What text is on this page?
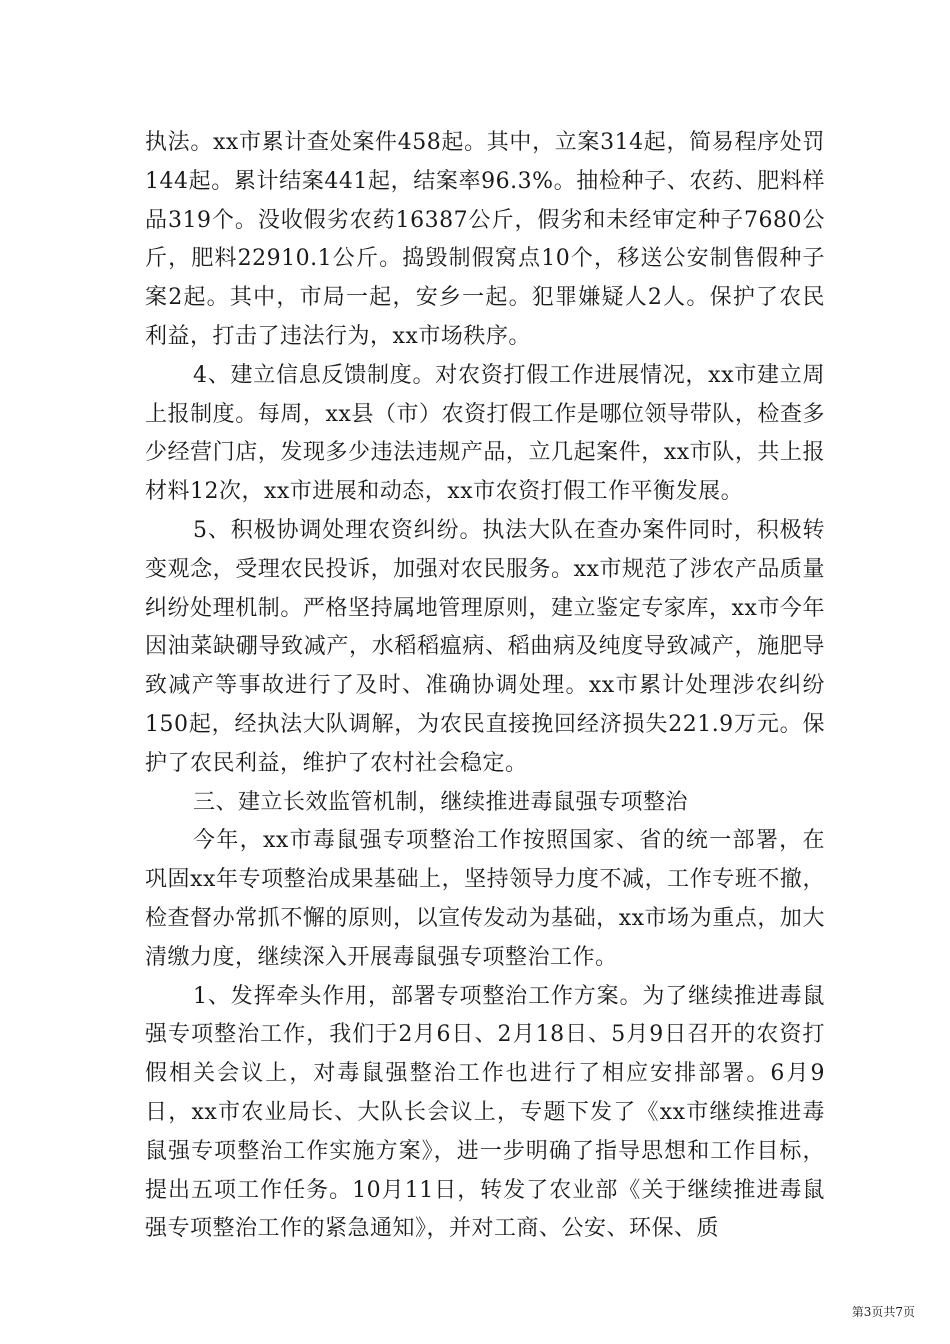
执法。xx市累计查处案件458起。其中，立案314起，简易程序处罚144起。累计结案441起，结案率96.3%。抽检种子、农药、肥料样品319个。没收假劣农药16387公斤，假劣和未经审定种子7680公斤，肥料22910.1公斤。捣毁制假窝点10个，移送公安制售假种子案2起。其中，市局一起，安乡一起。犯罪嫌疑人2人。保护了农民利益，打击了违法行为，xx市场秩序。

4、建立信息反馈制度。对农资打假工作进展情况，xx市建立周上报制度。每周，xx县（市）农资打假工作是哪位领导带队，检查多少经营门店，发现多少违法违规产品，立几起案件，xx市队，共上报材料12次，xx市进展和动态，xx市农资打假工作平衡发展。

5、积极协调处理农资纠纷。执法大队在查办案件同时，积极转变观念，受理农民投诉，加强对农民服务。xx市规范了涉农产品质量纠纷处理机制。严格坚持属地管理原则，建立鉴定专家库，xx市今年因油菜缺硼导致减产，水稻稻瘟病、稻曲病及纯度导致减产，施肥导致减产等事故进行了及时、准确协调处理。xx市累计处理涉农纠纷150起，经执法大队调解，为农民直接挽回经济损失221.9万元。保护了农民利益，维护了农村社会稳定。

三、建立长效监管机制，继续推进毒鼠强专项整治

今年，xx市毒鼠强专项整治工作按照国家、省的统一部署，在巩固xx年专项整治成果基础上，坚持领导力度不减，工作专班不撤，检查督办常抓不懈的原则，以宣传发动为基础，xx市场为重点，加大清缴力度，继续深入开展毒鼠强专项整治工作。

1、发挥牵头作用，部署专项整治工作方案。为了继续推进毒鼠强专项整治工作，我们于2月6日、2月18日、5月9日召开的农资打假相关会议上，对毒鼠强整治工作也进行了相应安排部署。6月9日，xx市农业局长、大队长会议上，专题下发了《xx市继续推进毒鼠强专项整治工作实施方案》，进一步明确了指导思想和工作目标，提出五项工作任务。10月11日，转发了农业部《关于继续推进毒鼠强专项整治工作的紧急通知》，并对工商、公安、环保、质

第3页共7页
